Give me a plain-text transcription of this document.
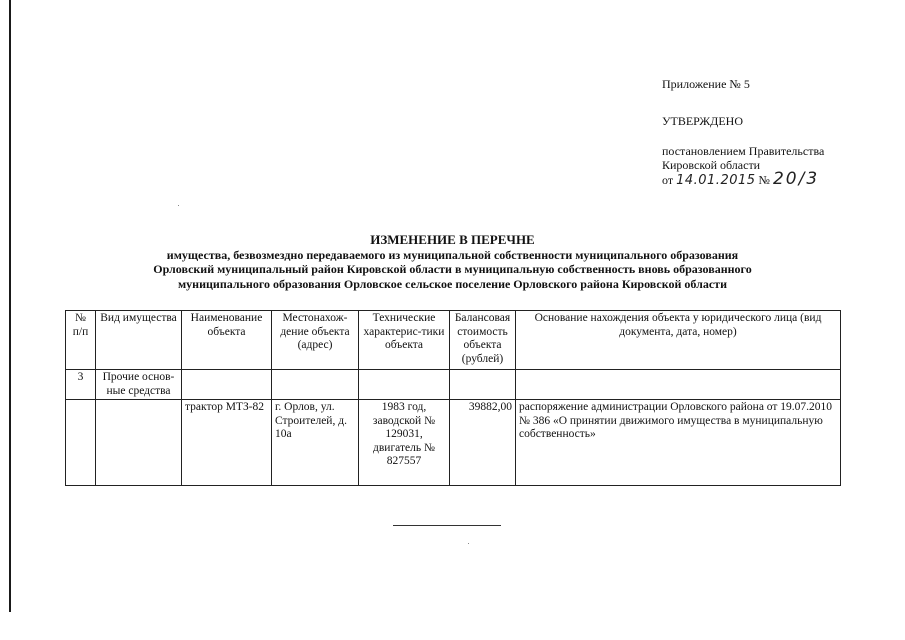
Приложение № 5
УТВЕРЖДЕНО
постановлением Правительства
Кировской области
от 14.01.2015 № 20/3
ИЗМЕНЕНИЕ В ПЕРЕЧНЕ
имущества, безвозмездно передаваемого из муниципальной собственности муниципального образования
Орловский муниципальный район Кировской области в муниципальную собственность вновь образованного
муниципального образования Орловское сельское поселение Орловского района Кировской области
№ п/п	Вид имущества	Наименование объекта	Местонахож-дение объекта (адрес)	Технические характерис-тики объекта	Балансовая стоимость объекта (рублей)	Основание нахождения объекта у юридического лица (вид документа, дата, номер)
3	Прочие основ-ные средства					
		трактор МТЗ-82	г. Орлов, ул. Строителей, д. 10а	1983 год, заводской № 129031, двигатель № 827557	39882,00	распоряжение администрации Орловского района от 19.07.2010 № 386 «О принятии движимого имущества в муниципальную собственность»
